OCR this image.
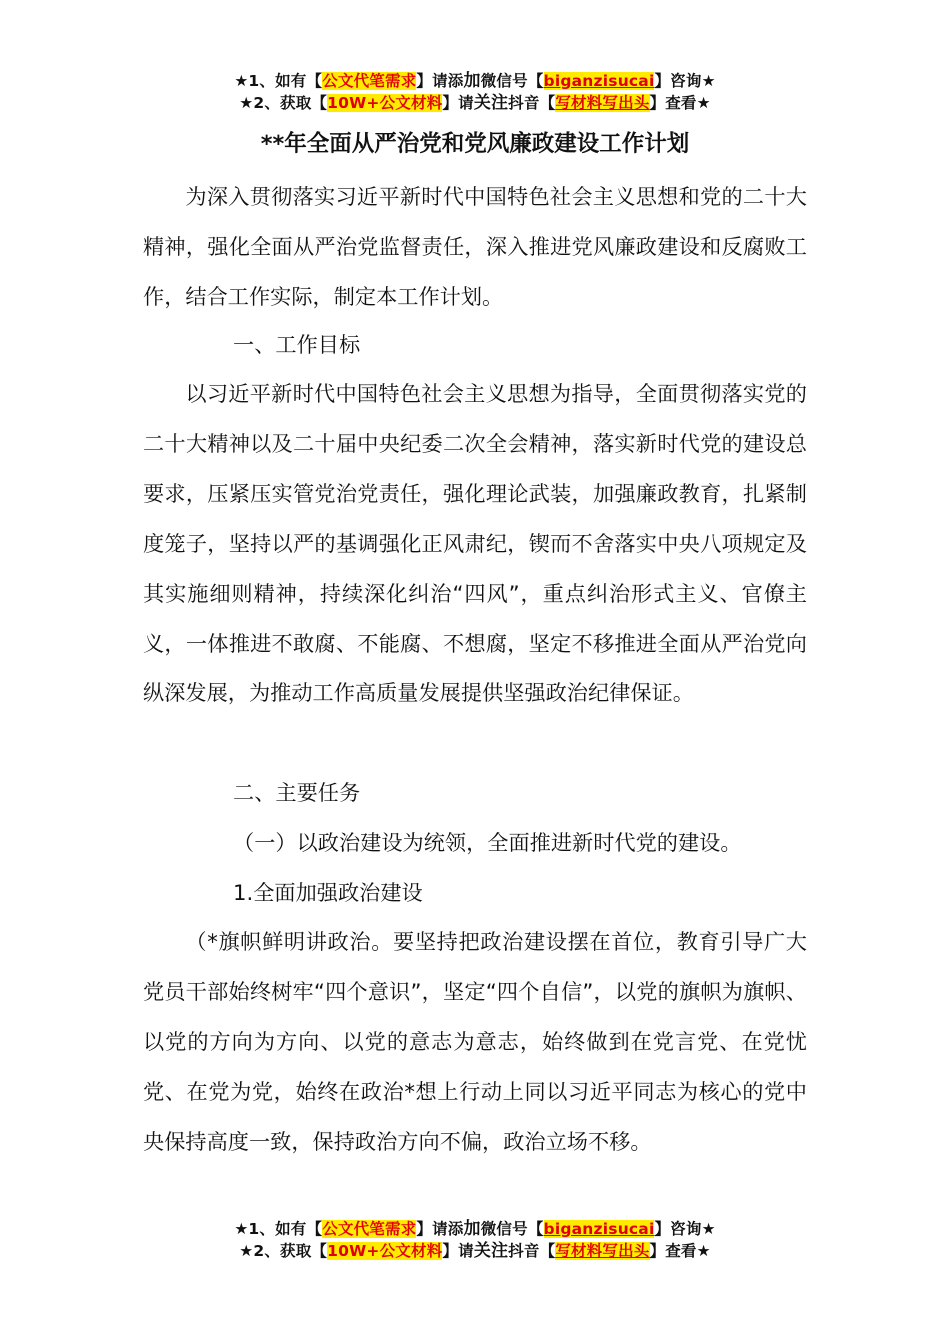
★1、如有【公文代笔需求】请添加微信号【biganzisucai】咨询★
★2、获取【10W+公文材料】请关注抖音【写材料写出头】查看★
**年全面从严治党和党风廉政建设工作计划

为深入贯彻落实习近平新时代中国特色社会主义思想和党的二十大精神，强化全面从严治党监督责任，深入推进党风廉政建设和反腐败工作，结合工作实际，制定本工作计划。

一、工作目标

以习近平新时代中国特色社会主义思想为指导，全面贯彻落实党的二十大精神以及二十届中央纪委二次全会精神，落实新时代党的建设总要求，压紧压实管党治党责任，强化理论武装，加强廉政教育，扎紧制度笼子，坚持以严的基调强化正风肃纪，锲而不舍落实中央八项规定及其实施细则精神，持续深化纠治“四风”，重点纠治形式主义、官僚主义，一体推进不敢腐、不能腐、不想腐，坚定不移推进全面从严治党向纵深发展，为推动工作高质量发展提供坚强政治纪律保证。

二、主要任务

（一）以政治建设为统领，全面推进新时代党的建设。

1.全面加强政治建设

（*旗帜鲜明讲政治。要坚持把政治建设摆在首位，教育引导广大党员干部始终树牢“四个意识”，坚定“四个自信”，以党的旗帜为旗帜、以党的方向为方向、以党的意志为意志，始终做到在党言党、在党忧党、在党为党，始终在政治*想上行动上同以习近平同志为核心的党中央保持高度一致，保持政治方向不偏，政治立场不移。

★1、如有【公文代笔需求】请添加微信号【biganzisucai】咨询★
★2、获取【10W+公文材料】请关注抖音【写材料写出头】查看★
